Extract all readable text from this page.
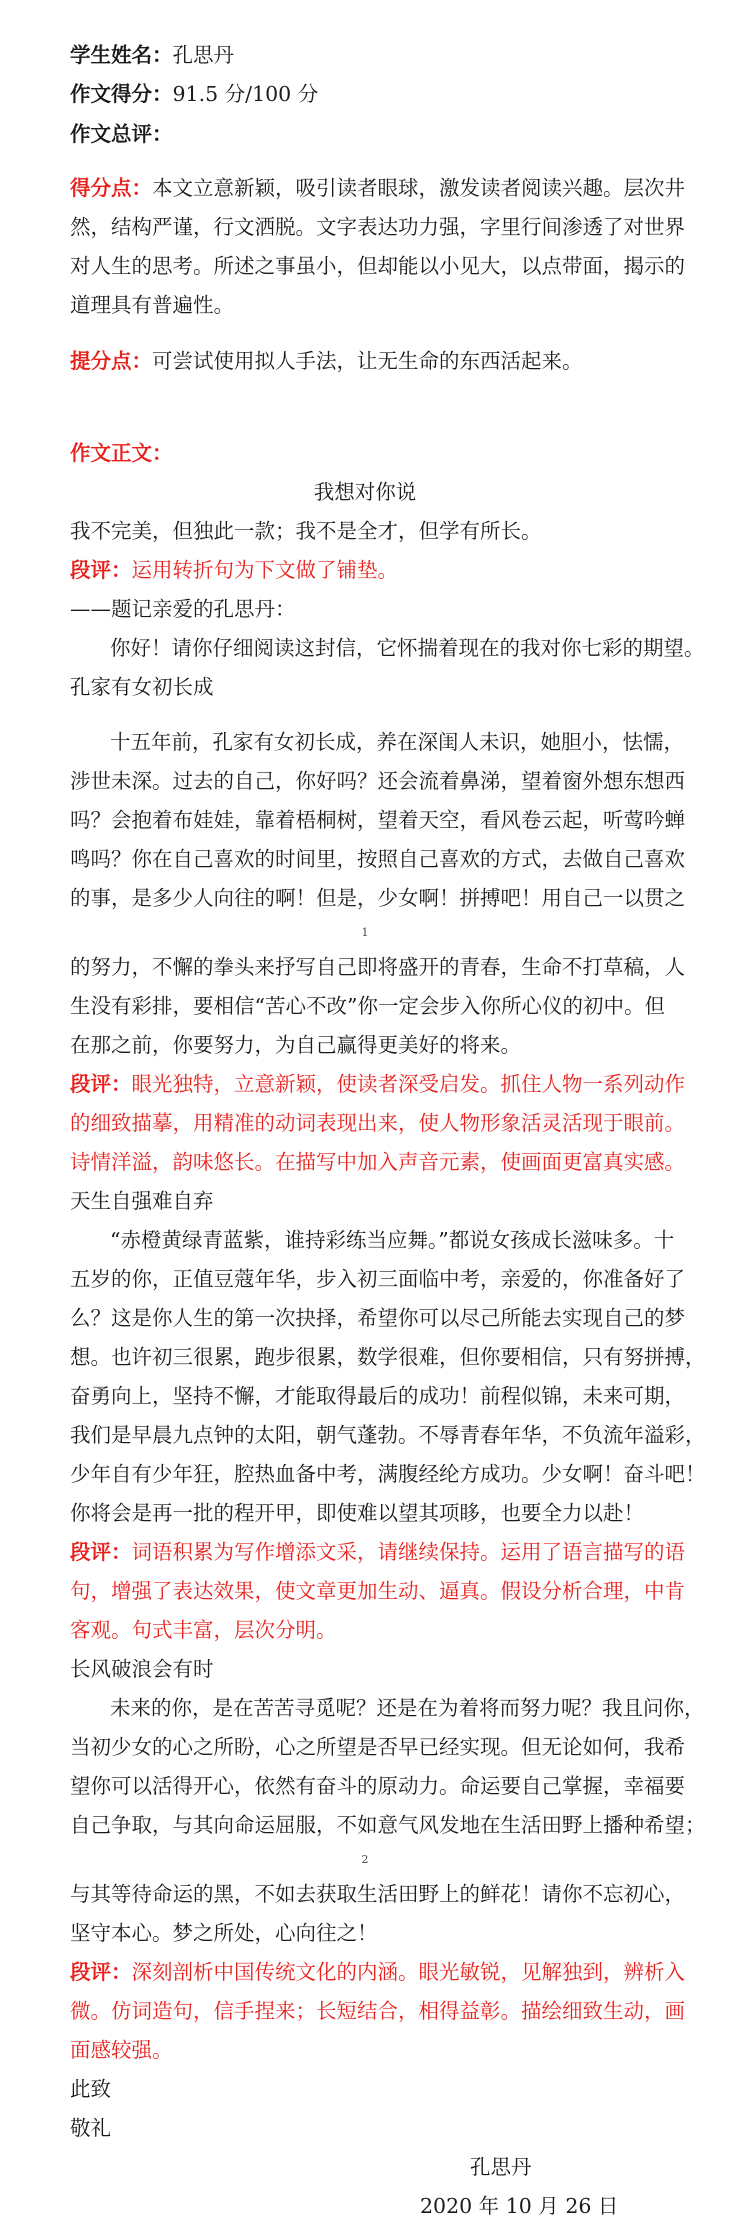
学生姓名：孔思丹
作文得分：91.5 分/100 分
作文总评：
得分点：本文立意新颖，吸引读者眼球，激发读者阅读兴趣。层次井
然，结构严谨，行文洒脱。文字表达功力强，字里行间渗透了对世界
对人生的思考。所述之事虽小，但却能以小见大，以点带面，揭示的
道理具有普遍性。
提分点：可尝试使用拟人手法，让无生命的东西活起来。
作文正文：
我想对你说
我不完美，但独此一款；我不是全才，但学有所长。
段评：运用转折句为下文做了铺垫。
——题记亲爱的孔思丹：
你好！请你仔细阅读这封信，它怀揣着现在的我对你七彩的期望。
孔家有女初长成
十五年前，孔家有女初长成，养在深闺人未识，她胆小，怯懦，
涉世未深。过去的自己，你好吗？还会流着鼻涕，望着窗外想东想西
吗？会抱着布娃娃，靠着梧桐树，望着天空，看风卷云起，听莺吟蝉
鸣吗？你在自己喜欢的时间里，按照自己喜欢的方式，去做自己喜欢
的事，是多少人向往的啊！但是，少女啊！拼搏吧！用自己一以贯之
1
的努力，不懈的拳头来抒写自己即将盛开的青春，生命不打草稿，人
生没有彩排，要相信“苦心不改”你一定会步入你所心仪的初中。但
在那之前，你要努力，为自己赢得更美好的将来。
段评：眼光独特，立意新颖，使读者深受启发。抓住人物一系列动作
的细致描摹，用精准的动词表现出来，使人物形象活灵活现于眼前。
诗情洋溢，韵味悠长。在描写中加入声音元素，使画面更富真实感。
天生自强难自弃
“赤橙黄绿青蓝紫，谁持彩练当应舞。”都说女孩成长滋味多。十
五岁的你，正值豆蔻年华，步入初三面临中考，亲爱的，你准备好了
么？这是你人生的第一次抉择，希望你可以尽己所能去实现自己的梦
想。也许初三很累，跑步很累，数学很难，但你要相信，只有努拼搏，
奋勇向上，坚持不懈，才能取得最后的成功！前程似锦，未来可期，
我们是早晨九点钟的太阳，朝气蓬勃。不辱青春年华，不负流年溢彩，
少年自有少年狂，腔热血备中考，满腹经纶方成功。少女啊！奋斗吧！
你将会是再一批的程开甲，即使难以望其项眵，也要全力以赴！
段评：词语积累为写作增添文采，请继续保持。运用了语言描写的语
句，增强了表达效果，使文章更加生动、逼真。假设分析合理，中肯
客观。句式丰富，层次分明。
长风破浪会有时
未来的你，是在苦苦寻觅呢？还是在为着将而努力呢？我且问你，
当初少女的心之所盼，心之所望是否早已经实现。但无论如何，我希
望你可以活得开心，依然有奋斗的原动力。命运要自己掌握，幸福要
自己争取，与其向命运屈服，不如意气风发地在生活田野上播种希望；
2
与其等待命运的黑，不如去获取生活田野上的鲜花！请你不忘初心，
坚守本心。梦之所处，心向往之！
段评：深刻剖析中国传统文化的内涵。眼光敏锐，见解独到，辨析入
微。仿词造句，信手捏来；长短结合，相得益彰。描绘细致生动，画
面感较强。
此致
敬礼
孔思丹
2020 年 10 月 26 日
